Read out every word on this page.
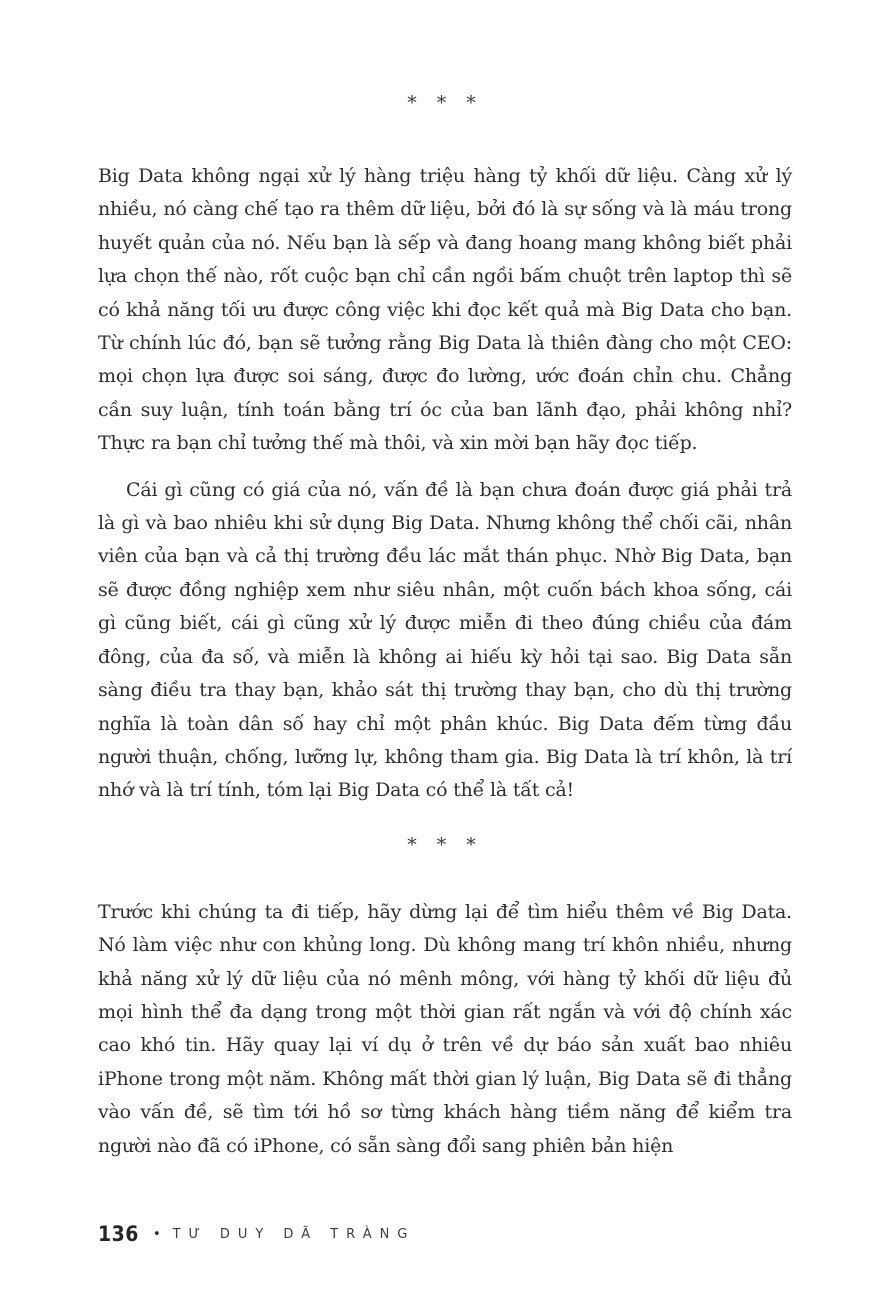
* * *

Big Data không ngại xử lý hàng triệu hàng tỷ khối dữ liệu. Càng xử lý nhiều, nó càng chế tạo ra thêm dữ liệu, bởi đó là sự sống và là máu trong huyết quản của nó. Nếu bạn là sếp và đang hoang mang không biết phải lựa chọn thế nào, rốt cuộc bạn chỉ cần ngồi bấm chuột trên laptop thì sẽ có khả năng tối ưu được công việc khi đọc kết quả mà Big Data cho bạn. Từ chính lúc đó, bạn sẽ tưởng rằng Big Data là thiên đàng cho một CEO: mọi chọn lựa được soi sáng, được đo lường, ước đoán chỉn chu. Chẳng cần suy luận, tính toán bằng trí óc của ban lãnh đạo, phải không nhỉ? Thực ra bạn chỉ tưởng thế mà thôi, và xin mời bạn hãy đọc tiếp.

Cái gì cũng có giá của nó, vấn đề là bạn chưa đoán được giá phải trả là gì và bao nhiêu khi sử dụng Big Data. Nhưng không thể chối cãi, nhân viên của bạn và cả thị trường đều lác mắt thán phục. Nhờ Big Data, bạn sẽ được đồng nghiệp xem như siêu nhân, một cuốn bách khoa sống, cái gì cũng biết, cái gì cũng xử lý được miễn đi theo đúng chiều của đám đông, của đa số, và miễn là không ai hiếu kỳ hỏi tại sao. Big Data sẵn sàng điều tra thay bạn, khảo sát thị trường thay bạn, cho dù thị trường nghĩa là toàn dân số hay chỉ một phân khúc. Big Data đếm từng đầu người thuận, chống, lưỡng lự, không tham gia. Big Data là trí khôn, là trí nhớ và là trí tính, tóm lại Big Data có thể là tất cả!

* * *

Trước khi chúng ta đi tiếp, hãy dừng lại để tìm hiểu thêm về Big Data. Nó làm việc như con khủng long. Dù không mang trí khôn nhiều, nhưng khả năng xử lý dữ liệu của nó mênh mông, với hàng tỷ khối dữ liệu đủ mọi hình thể đa dạng trong một thời gian rất ngắn và với độ chính xác cao khó tin. Hãy quay lại ví dụ ở trên về dự báo sản xuất bao nhiêu iPhone trong một năm. Không mất thời gian lý luận, Big Data sẽ đi thẳng vào vấn đề, sẽ tìm tới hồ sơ từng khách hàng tiềm năng để kiểm tra người nào đã có iPhone, có sẵn sàng đổi sang phiên bản hiện

136 • TƯ DUY DÃ TRÀNG
